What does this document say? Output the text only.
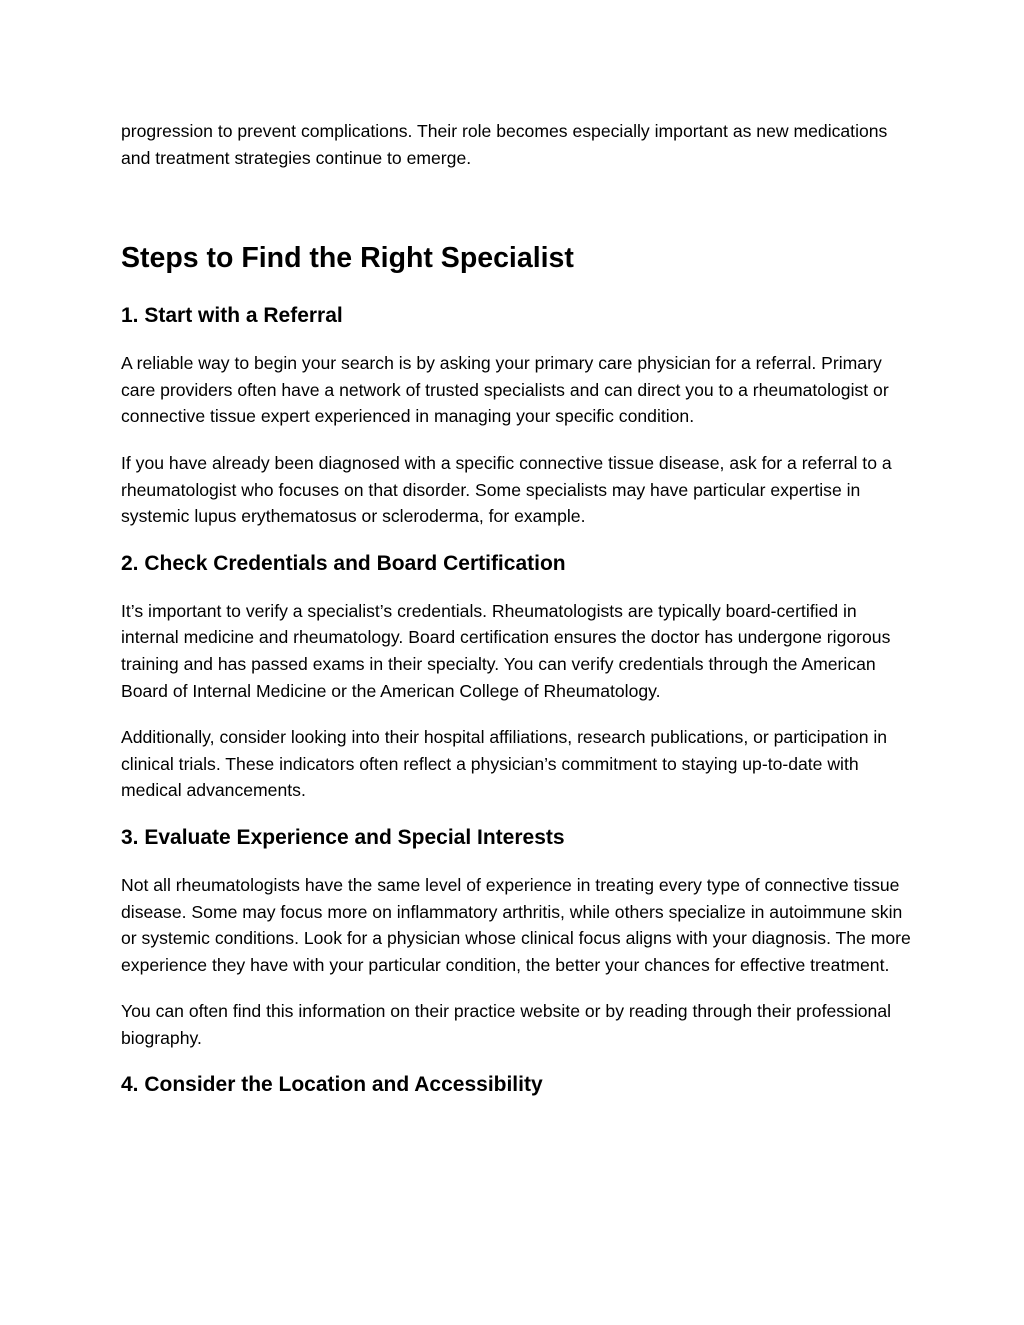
progression to prevent complications. Their role becomes especially important as new medications and treatment strategies continue to emerge.

Steps to Find the Right Specialist
1. Start with a Referral

A reliable way to begin your search is by asking your primary care physician for a referral. Primary care providers often have a network of trusted specialists and can direct you to a rheumatologist or connective tissue expert experienced in managing your specific condition.

If you have already been diagnosed with a specific connective tissue disease, ask for a referral to a rheumatologist who focuses on that disorder. Some specialists may have particular expertise in systemic lupus erythematosus or scleroderma, for example.

2. Check Credentials and Board Certification

It’s important to verify a specialist’s credentials. Rheumatologists are typically board-certified in internal medicine and rheumatology. Board certification ensures the doctor has undergone rigorous training and has passed exams in their specialty. You can verify credentials through the American Board of Internal Medicine or the American College of Rheumatology.

Additionally, consider looking into their hospital affiliations, research publications, or participation in clinical trials. These indicators often reflect a physician’s commitment to staying up-to-date with medical advancements.

3. Evaluate Experience and Special Interests

Not all rheumatologists have the same level of experience in treating every type of connective tissue disease. Some may focus more on inflammatory arthritis, while others specialize in autoimmune skin or systemic conditions. Look for a physician whose clinical focus aligns with your diagnosis. The more experience they have with your particular condition, the better your chances for effective treatment.

You can often find this information on their practice website or by reading through their professional biography.

4. Consider the Location and Accessibility
